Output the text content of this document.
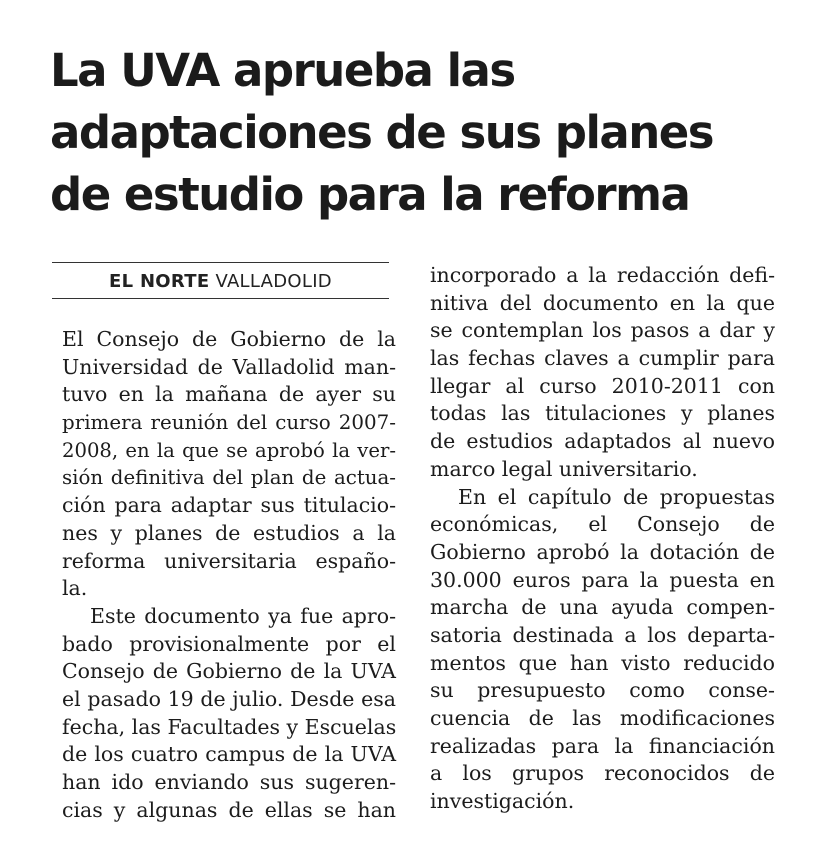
La UVA aprueba las
adaptaciones de sus planes
de estudio para la reforma
EL NORTE VALLADOLID
El Consejo de Gobierno de la
Universidad de Valladolid man-
tuvo en la mañana de ayer su
primera reunión del curso 2007-
2008, en la que se aprobó la ver-
sión definitiva del plan de actua-
ción para adaptar sus titulacio-
nes y planes de estudios a la
reforma universitaria españo-
la.
Este documento ya fue apro-
bado provisionalmente por el
Consejo de Gobierno de la UVA
el pasado 19 de julio. Desde esa
fecha, las Facultades y Escuelas
de los cuatro campus de la UVA
han ido enviando sus sugeren-
cias y algunas de ellas se han
incorporado a la redacción defi-
nitiva del documento en la que
se contemplan los pasos a dar y
las fechas claves a cumplir para
llegar al curso 2010-2011 con
todas las titulaciones y planes
de estudios adaptados al nuevo
marco legal universitario.
En el capítulo de propuestas
económicas, el Consejo de
Gobierno aprobó la dotación de
30.000 euros para la puesta en
marcha de una ayuda compen-
satoria destinada a los departa-
mentos que han visto reducido
su presupuesto como conse-
cuencia de las modificaciones
realizadas para la financiación
a los grupos reconocidos de
investigación.
